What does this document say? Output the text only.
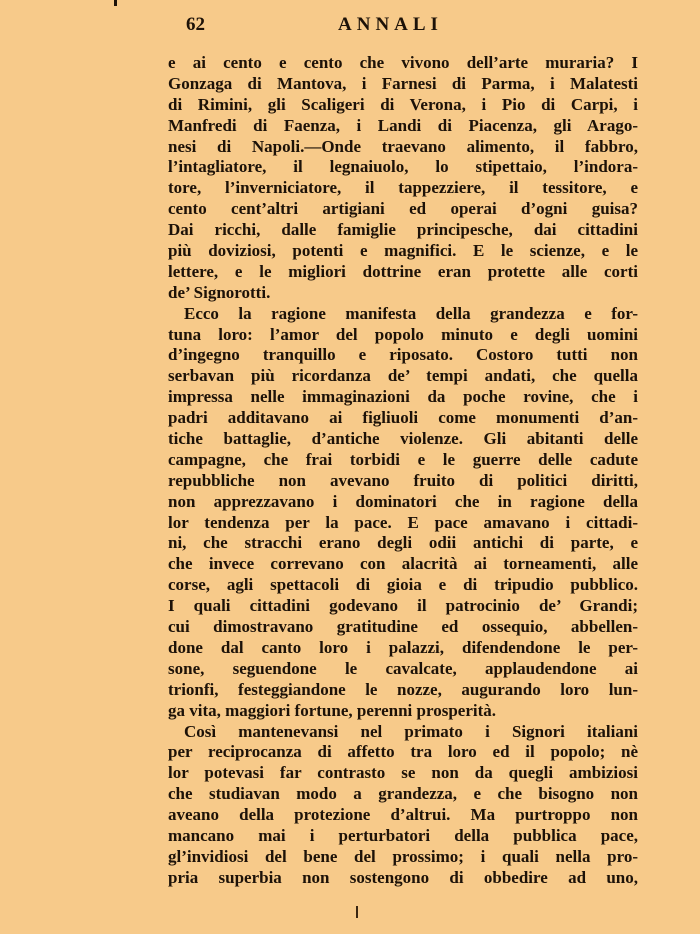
62	ANNALI
e ai cento e cento che vivono dell’arte muraria? I
Gonzaga di Mantova, i Farnesi di Parma, i Malatesti
di Rimini, gli Scaligeri di Verona, i Pio di Carpi, i
Manfredi di Faenza, i Landi di Piacenza, gli Arago-
nesi di Napoli.—Onde traevano alimento, il fabbro,
l’intagliatore, il legnaiuolo, lo stipettaio, l’indora-
tore, l’inverniciatore, il tappezziere, il tessitore, e
cento cent’altri artigiani ed operai d’ogni guisa?
Dai ricchi, dalle famiglie principesche, dai cittadini
più doviziosi, potenti e magnifici. E le scienze, e le
lettere, e le migliori dottrine eran protette alle corti
de’ Signorotti.
Ecco la ragione manifesta della grandezza e for-
tuna loro: l’amor del popolo minuto e degli uomini
d’ingegno tranquillo e riposato. Costoro tutti non
serbavan più ricordanza de’ tempi andati, che quella
impressa nelle immaginazioni da poche rovine, che i
padri additavano ai figliuoli come monumenti d’an-
tiche battaglie, d’antiche violenze. Gli abitanti delle
campagne, che frai torbidi e le guerre delle cadute
repubbliche non avevano fruito di politici diritti,
non apprezzavano i dominatori che in ragione della
lor tendenza per la pace. E pace amavano i cittadi-
ni, che stracchi erano degli odii antichi di parte, e
che invece correvano con alacrità ai torneamenti, alle
corse, agli spettacoli di gioia e di tripudio pubblico.
I quali cittadini godevano il patrocinio de’ Grandi;
cui dimostravano gratitudine ed ossequio, abbellen-
done dal canto loro i palazzi, difendendone le per-
sone, seguendone le cavalcate, applaudendone ai
trionfi, festeggiandone le nozze, augurando loro lun-
ga vita, maggiori fortune, perenni prosperità.
Così mantenevansi nel primato i Signori italiani
per reciprocanza di affetto tra loro ed il popolo; nè
lor potevasi far contrasto se non da quegli ambiziosi
che studiavan modo a grandezza, e che bisogno non
aveano della protezione d’altrui. Ma purtroppo non
mancano mai i perturbatori della pubblica pace,
gl’invidiosi del bene del prossimo; i quali nella pro-
pria superbia non sostengono di obbedire ad uno,
